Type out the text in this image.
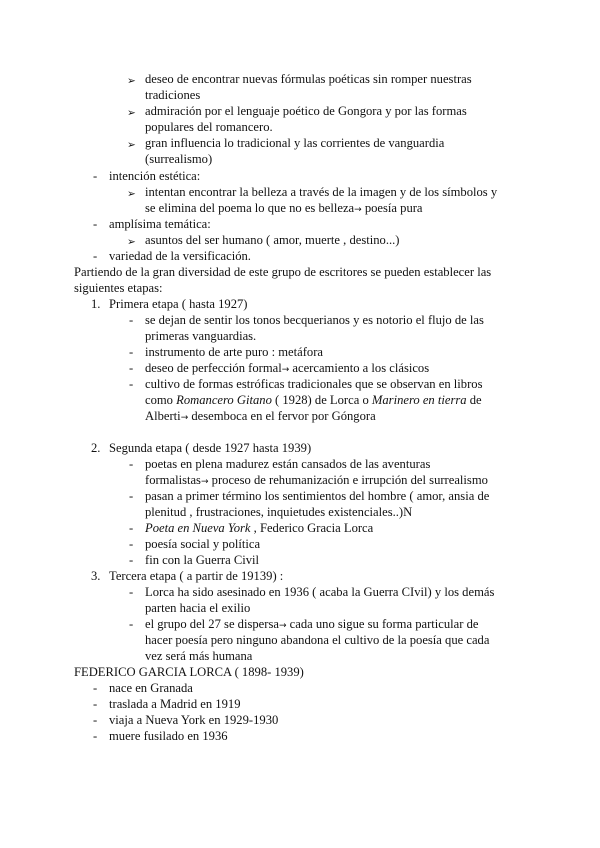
➢ deseo de encontrar nuevas fórmulas poéticas sin romper nuestras
tradiciones
➢ admiración por el lenguaje poético de Gongora y por las formas
populares del romancero.
➢ gran influencia lo tradicional y las corrientes de vanguardia
(surrealismo)
- intención estética:
➢ intentan encontrar la belleza a través de la imagen y de los símbolos y
se elimina del poema lo que no es belleza→ poesía pura
- amplísima temática:
➢ asuntos del ser humano ( amor, muerte , destino...)
- variedad de la versificación.
Partiendo de la gran diversidad de este grupo de escritores se pueden establecer las
siguientes etapas:
1. Primera etapa ( hasta 1927)
- se dejan de sentir los tonos becquerianos y es notorio el flujo de las
primeras vanguardias.
- instrumento de arte puro : metáfora
- deseo de perfección formal→ acercamiento a los clásicos
- cultivo de formas estróficas tradicionales que se observan en libros
como Romancero Gitano ( 1928) de Lorca o Marinero en tierra de
Alberti→ desemboca en el fervor por Góngora
2. Segunda etapa ( desde 1927 hasta 1939)
- poetas en plena madurez están cansados de las aventuras
formalistas→ proceso de rehumanización e irrupción del surrealismo
- pasan a primer término los sentimientos del hombre ( amor, ansia de
plenitud , frustraciones, inquietudes existenciales..)N
- Poeta en Nueva York , Federico Gracia Lorca
- poesía social y política
- fin con la Guerra Civil
3. Tercera etapa ( a partir de 19139) :
- Lorca ha sido asesinado en 1936 ( acaba la Guerra CIvil) y los demás
parten hacia el exilio
- el grupo del 27 se dispersa→ cada uno sigue su forma particular de
hacer poesía pero ninguno abandona el cultivo de la poesía que cada
vez será más humana
FEDERICO GARCIA LORCA ( 1898- 1939)
- nace en Granada
- traslada a Madrid en 1919
- viaja a Nueva York en 1929-1930
- muere fusilado en 1936
